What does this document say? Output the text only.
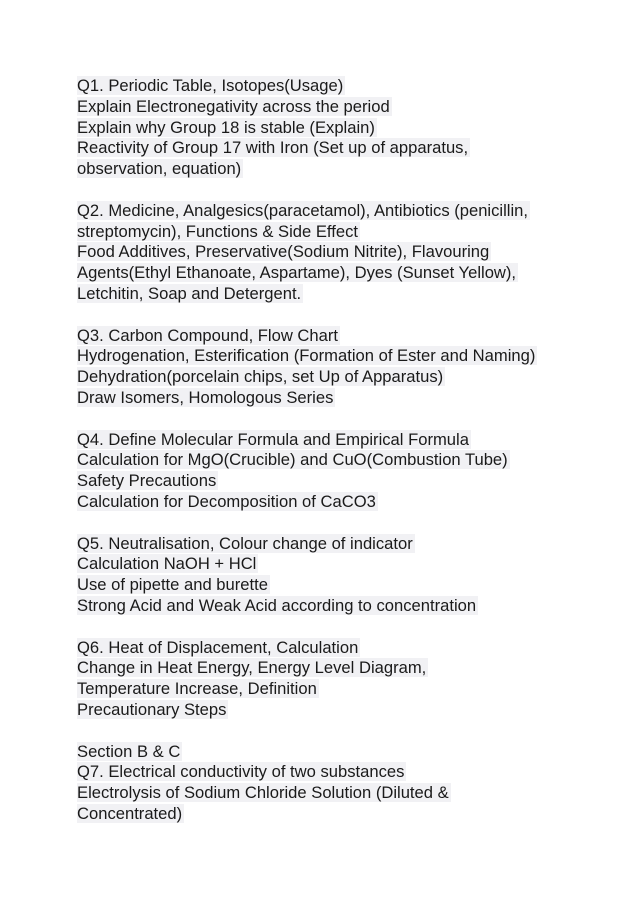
Q1. Periodic Table, Isotopes(Usage)
Explain Electronegativity across the period
Explain why Group 18 is stable (Explain)
Reactivity of Group 17 with Iron (Set up of apparatus,
observation, equation)
Q2. Medicine, Analgesics(paracetamol), Antibiotics (penicillin,
streptomycin), Functions & Side Effect
Food Additives, Preservative(Sodium Nitrite), Flavouring
Agents(Ethyl Ethanoate, Aspartame), Dyes (Sunset Yellow),
Letchitin, Soap and Detergent.
Q3. Carbon Compound, Flow Chart
Hydrogenation, Esterification (Formation of Ester and Naming)
Dehydration(porcelain chips, set Up of Apparatus)
Draw Isomers, Homologous Series
Q4. Define Molecular Formula and Empirical Formula
Calculation for MgO(Crucible) and CuO(Combustion Tube)
Safety Precautions
Calculation for Decomposition of CaCO3
Q5. Neutralisation, Colour change of indicator
Calculation NaOH + HCl
Use of pipette and burette
Strong Acid and Weak Acid according to concentration
Q6. Heat of Displacement, Calculation
Change in Heat Energy, Energy Level Diagram,
Temperature Increase, Definition
Precautionary Steps
Section B & C
Q7. Electrical conductivity of two substances
Electrolysis of Sodium Chloride Solution (Diluted &
Concentrated)
